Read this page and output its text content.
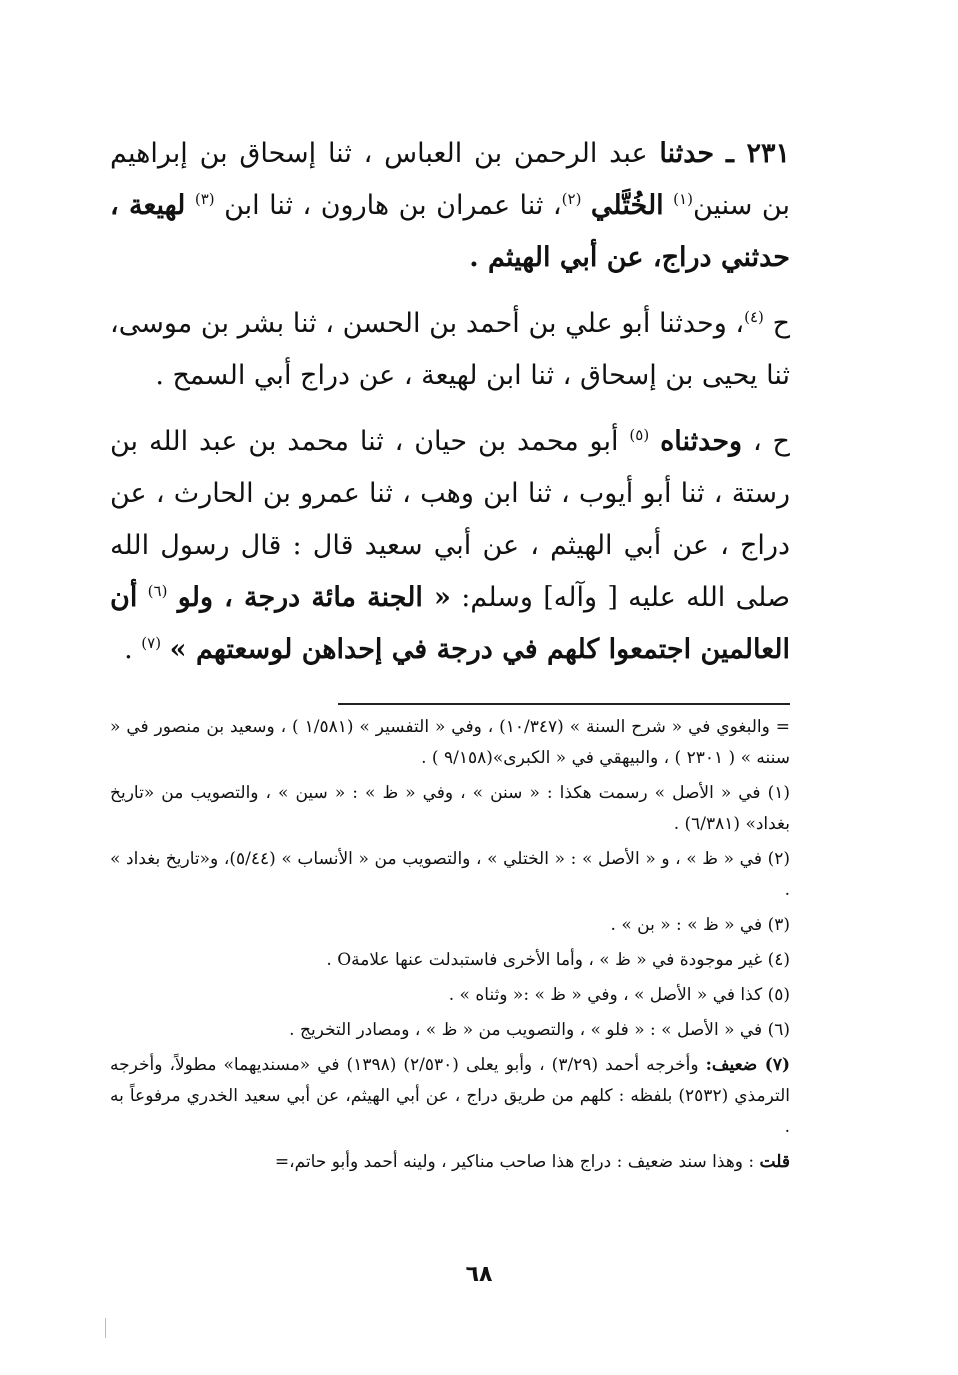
٢٣١ ـ حدثنا عبد الرحمن بن العباس ، ثنا إسحاق بن إبراهيم بن سنين$^{(١)}$ الخُتَّلي $^{(٢)}$، ثنا عمران بن هارون ، ثنا ابن $^{(٣)}$ لهيعة ، حدثني دراج، عن أبي الهيثم .

ح $^{(٤)}$، وحدثنا أبو علي بن أحمد بن الحسن ، ثنا بشر بن موسى، ثنا يحيى بن إسحاق ، ثنا ابن لهيعة ، عن دراج أبي السمح .

ح ، وحدثناه $^{(٥)}$ أبو محمد بن حيان ، ثنا محمد بن عبد الله بن رستة ، ثنا أبو أيوب ، ثنا ابن وهب ، ثنا عمرو بن الحارث ، عن دراج ، عن أبي الهيثم ، عن أبي سعيد قال : قال رسول الله صلى الله عليه [ وآله] وسلم: « الجنة مائة درجة ، ولو $^{(٦)}$ أن العالمين اجتمعوا كلهم في درجة في إحداهن لوسعتهم » $^{(٧)}$ .

= والبغوي في « شرح السنة » (١٠/٣٤٧) ، وفي « التفسير » (١/٥٨١ ) ، وسعيد بن منصور في « سننه » ( ٢٣٠١ ) ، والبيهقي في « الكبرى»(٩/١٥٨ ) .

(١) في « الأصل » رسمت هكذا : « سنن » ، وفي « ظ » : « سين » ، والتصويب من «تاريخ بغداد» (٦/٣٨١) .

(٢) في « ظ » ، و « الأصل » : « الختلي » ، والتصويب من « الأنساب » (٥/٤٤)، و«تاريخ بغداد » .

(٣) في « ظ » : « بن » .

(٤) غير موجودة في « ظ » ، وأما الأخرى فاستبدلت عنها علامةO .

(٥) كذا في « الأصل » ، وفي « ظ » :« وثناه » .

(٦) في « الأصل » : « فلو » ، والتصويب من « ظ » ، ومصادر التخريج .

(٧) ضعيف: وأخرجه أحمد (٣/٢٩) ، وأبو يعلى (٢/٥٣٠) (١٣٩٨) في «مسنديهما» مطولاً، وأخرجه الترمذي (٢٥٣٢) بلفظه : كلهم من طريق دراج ، عن أبي الهيثم، عن أبي سعيد الخدري مرفوعاً به .

قلت : وهذا سند ضعيف : دراج هذا صاحب مناكير ، ولينه أحمد وأبو حاتم،=

٦٨
